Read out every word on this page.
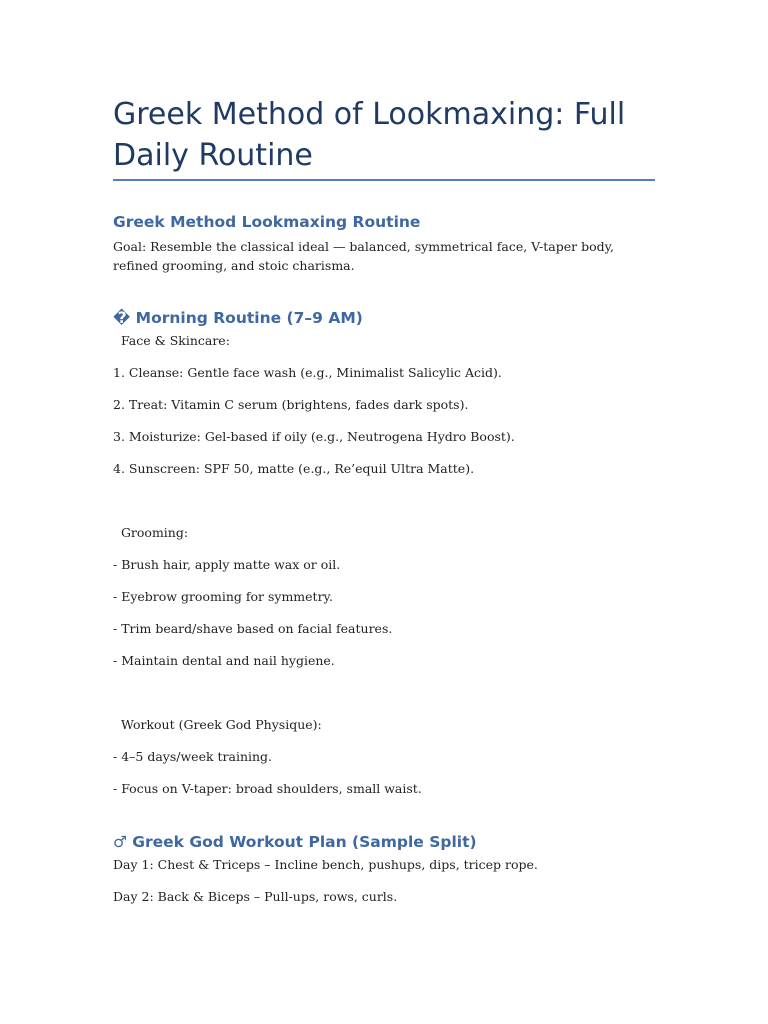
Greek Method of Lookmaxing: Full Daily Routine
Greek Method Lookmaxing Routine

Goal: Resemble the classical ideal — balanced, symmetrical face, V-taper body, refined grooming, and stoic charisma.

� Morning Routine (7–9 AM)

Face & Skincare:

1. Cleanse: Gentle face wash (e.g., Minimalist Salicylic Acid).

2. Treat: Vitamin C serum (brightens, fades dark spots).

3. Moisturize: Gel-based if oily (e.g., Neutrogena Hydro Boost).

4. Sunscreen: SPF 50, matte (e.g., Re’equil Ultra Matte).

Grooming:

- Brush hair, apply matte wax or oil.

- Eyebrow grooming for symmetry.

- Trim beard/shave based on facial features.

- Maintain dental and nail hygiene.

Workout (Greek God Physique):

- 4–5 days/week training.

- Focus on V-taper: broad shoulders, small waist.

♂ Greek God Workout Plan (Sample Split)

Day 1: Chest & Triceps – Incline bench, pushups, dips, tricep rope.

Day 2: Back & Biceps – Pull-ups, rows, curls.
